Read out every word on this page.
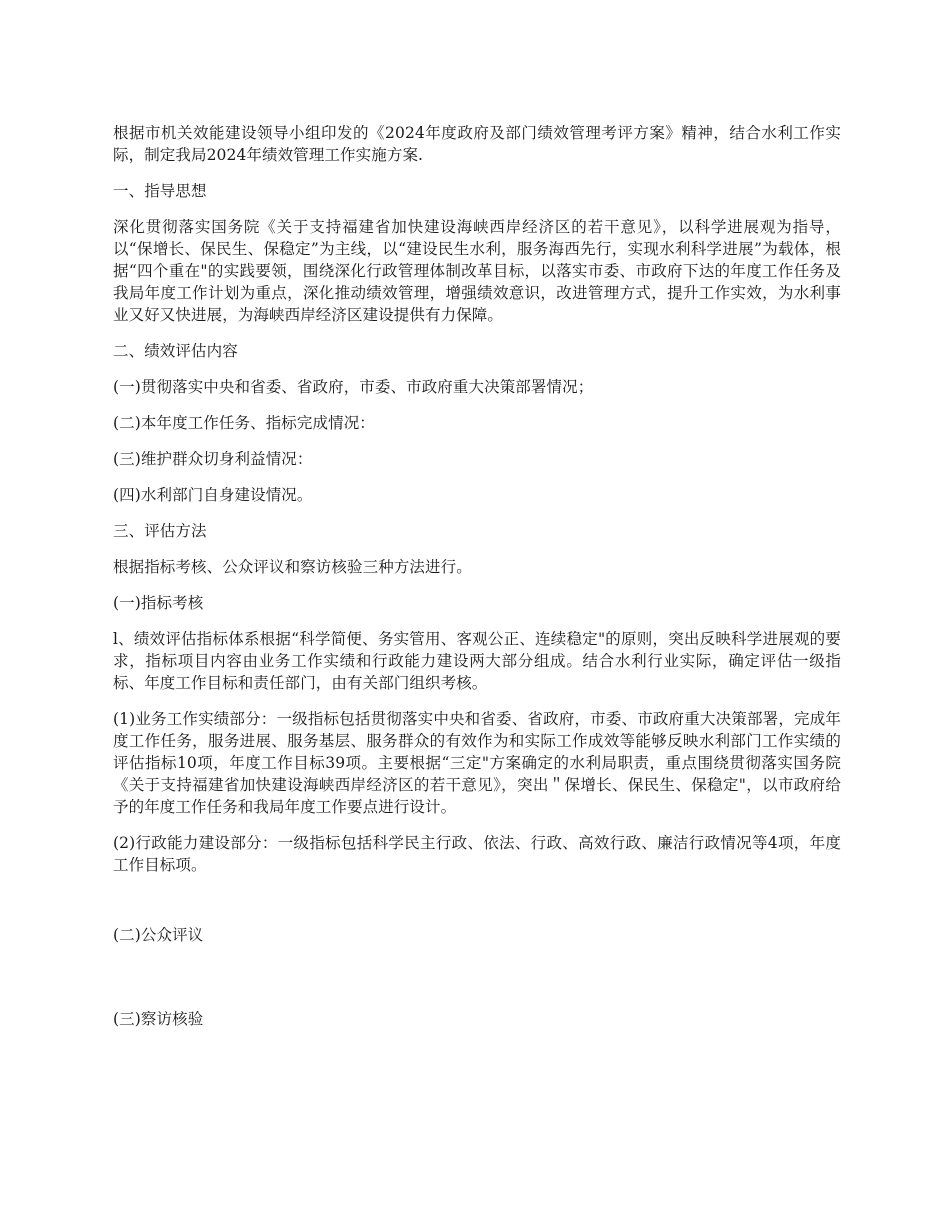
根据市机关效能建设领导小组印发的《2024年度政府及部门绩效管理考评方案》精神，结合水利工作实际，制定我局2024年绩效管理工作实施方案.

一、指导思想

深化贯彻落实国务院《关于支持福建省加快建设海峡西岸经济区的若干意见》，以科学进展观为指导，以“保增长、保民生、保稳定”为主线，以“建设民生水利，服务海西先行，实现水利科学进展”为载体，根据“四个重在"的实践要领，围绕深化行政管理体制改革目标，以落实市委、市政府下达的年度工作任务及我局年度工作计划为重点，深化推动绩效管理，增强绩效意识，改进管理方式，提升工作实效，为水利事业又好又快进展，为海峡西岸经济区建设提供有力保障。

二、绩效评估内容

(一)贯彻落实中央和省委、省政府，市委、市政府重大决策部署情况；

(二)本年度工作任务、指标完成情况：

(三)维护群众切身利益情况：

(四)水利部门自身建设情况。

三、评估方法

根据指标考核、公众评议和察访核验三种方法进行。

(一)指标考核

l、绩效评估指标体系根据“科学简便、务实管用、客观公正、连续稳定"的原则，突出反映科学进展观的要求，指标项目内容由业务工作实绩和行政能力建设两大部分组成。结合水利行业实际，确定评估一级指标、年度工作目标和责任部门，由有关部门组织考核。

(1)业务工作实绩部分：一级指标包括贯彻落实中央和省委、省政府，市委、市政府重大决策部署，完成年度工作任务，服务进展、服务基层、服务群众的有效作为和实际工作成效等能够反映水利部门工作实绩的评估指标10项，年度工作目标39项。主要根据“三定"方案确定的水利局职责，重点围绕贯彻落实国务院《关于支持福建省加快建设海峡西岸经济区的若干意见》，突出＂保增长、保民生、保稳定"，以市政府给予的年度工作任务和我局年度工作要点进行设计。

(2)行政能力建设部分：一级指标包括科学民主行政、依法、行政、高效行政、廉洁行政情况等4项，年度工作目标项。

(二)公众评议

(三)察访核验
